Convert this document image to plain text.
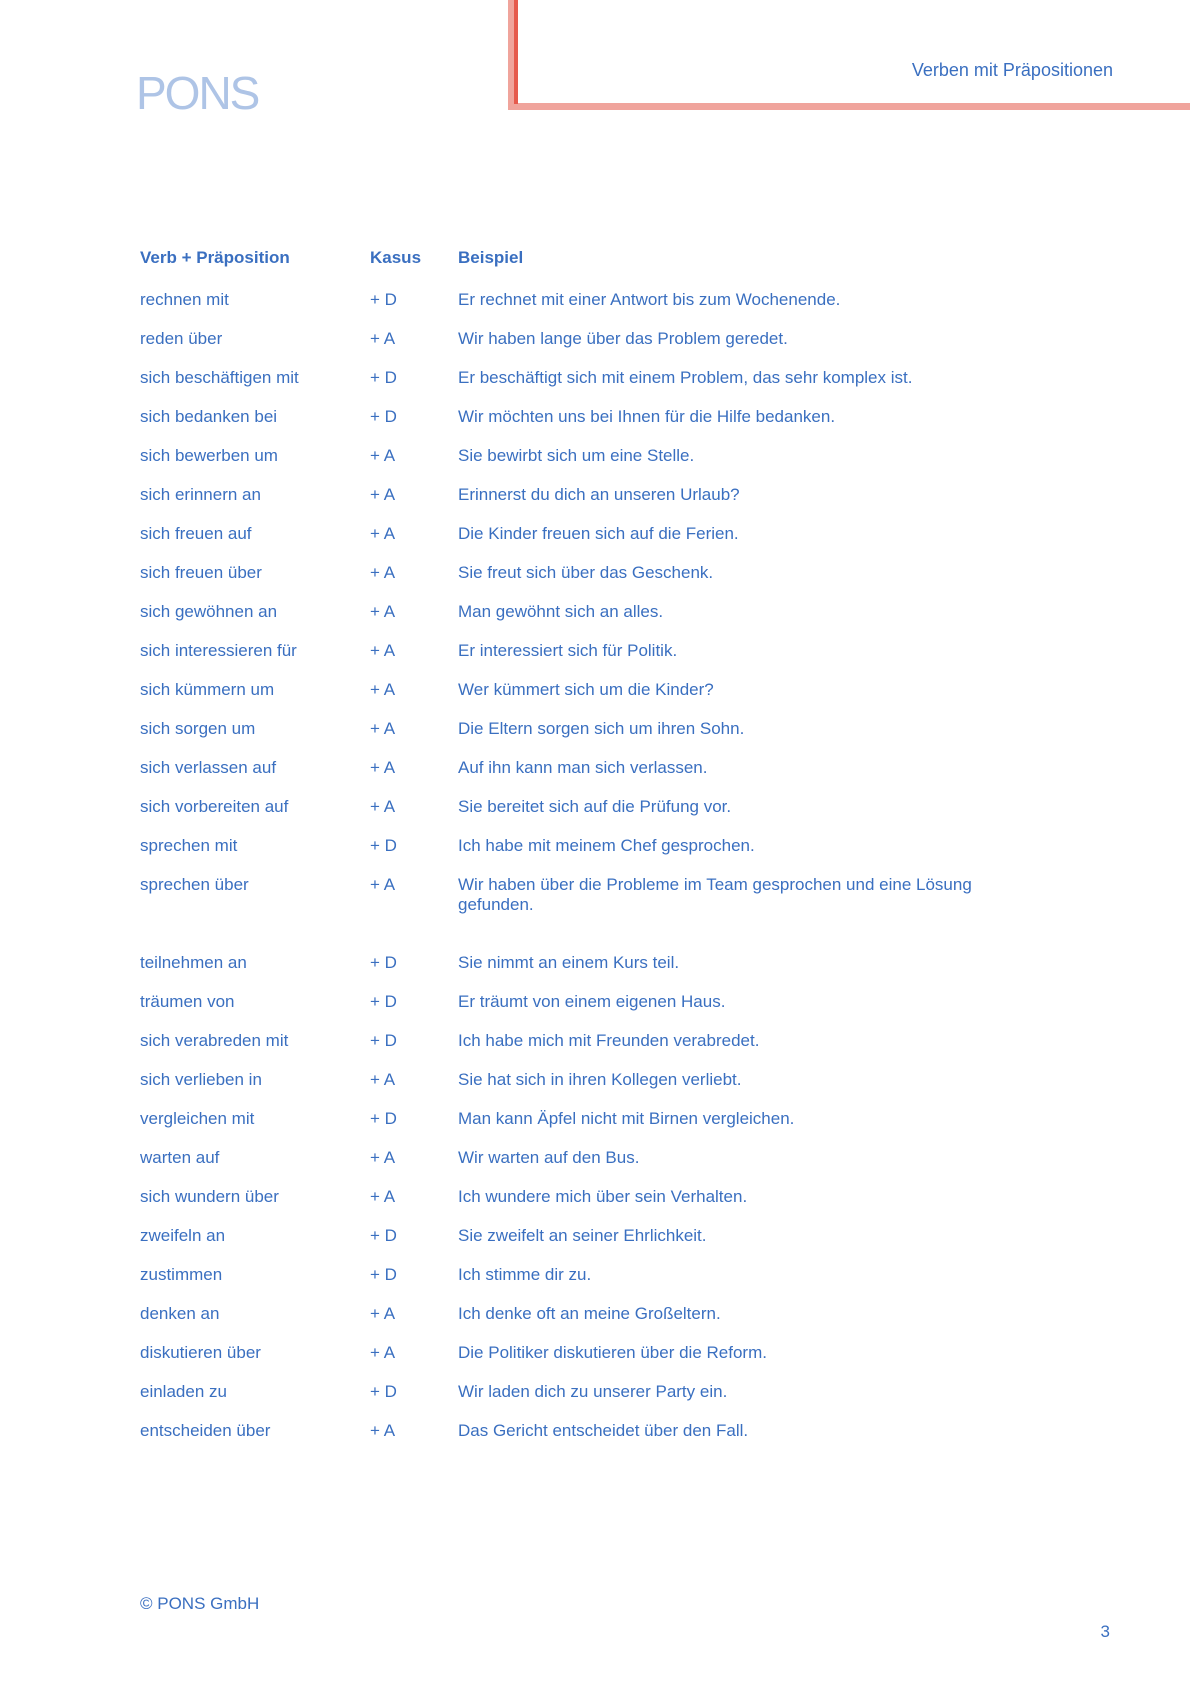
PONS	Verben mit Präpositionen
Verb + Präposition	Kasus	Beispiel
rechnen mit	+ D	Er rechnet mit einer Antwort bis zum Wochenende.
reden über	+ A	Wir haben lange über das Problem geredet.
sich beschäftigen mit	+ D	Er beschäftigt sich mit einem Problem, das sehr komplex ist.
sich bedanken bei	+ D	Wir möchten uns bei Ihnen für die Hilfe bedanken.
sich bewerben um	+ A	Sie bewirbt sich um eine Stelle.
sich erinnern an	+ A	Erinnerst du dich an unseren Urlaub?
sich freuen auf	+ A	Die Kinder freuen sich auf die Ferien.
sich freuen über	+ A	Sie freut sich über das Geschenk.
sich gewöhnen an	+ A	Man gewöhnt sich an alles.
sich interessieren für	+ A	Er interessiert sich für Politik.
sich kümmern um	+ A	Wer kümmert sich um die Kinder?
sich sorgen um	+ A	Die Eltern sorgen sich um ihren Sohn.
sich verlassen auf	+ A	Auf ihn kann man sich verlassen.
sich vorbereiten auf	+ A	Sie bereitet sich auf die Prüfung vor.
sprechen mit	+ D	Ich habe mit meinem Chef gesprochen.
sprechen über	+ A	Wir haben über die Probleme im Team gesprochen und eine Lösung gefunden.
teilnehmen an	+ D	Sie nimmt an einem Kurs teil.
träumen von	+ D	Er träumt von einem eigenen Haus.
sich verabreden mit	+ D	Ich habe mich mit Freunden verabredet.
sich verlieben in	+ A	Sie hat sich in ihren Kollegen verliebt.
vergleichen mit	+ D	Man kann Äpfel nicht mit Birnen vergleichen.
warten auf	+ A	Wir warten auf den Bus.
sich wundern über	+ A	Ich wundere mich über sein Verhalten.
zweifeln an	+ D	Sie zweifelt an seiner Ehrlichkeit.
zustimmen	+ D	Ich stimme dir zu.
denken an	+ A	Ich denke oft an meine Großeltern.
diskutieren über	+ A	Die Politiker diskutieren über die Reform.
einladen zu	+ D	Wir laden dich zu unserer Party ein.
entscheiden über	+ A	Das Gericht entscheidet über den Fall.
© PONS GmbH
3
